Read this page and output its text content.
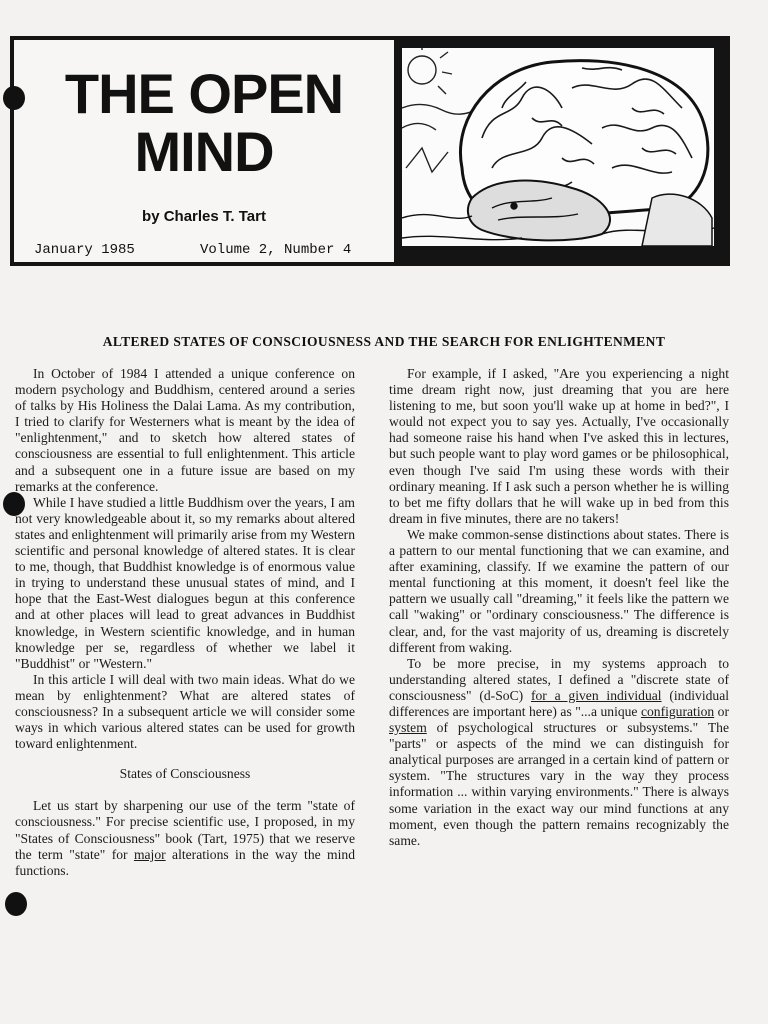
THE OPEN
MIND
by Charles T. Tart
January 1985	Volume 2, Number 4
ALTERED STATES OF CONSCIOUSNESS AND THE SEARCH FOR ENLIGHTENMENT

In October of 1984 I attended a unique conference on modern psychology and Buddhism, centered around a series of talks by His Holiness the Dalai Lama. As my contribution, I tried to clarify for Westerners what is meant by the idea of "enlightenment," and to sketch how altered states of consciousness are essential to full enlightenment. This article and a subsequent one in a future issue are based on my remarks at the conference.

While I have studied a little Buddhism over the years, I am not very knowledgeable about it, so my remarks about altered states and enlightenment will primarily arise from my Western scientific and personal knowledge of altered states. It is clear to me, though, that Buddhist knowledge is of enormous value in trying to understand these unusual states of mind, and I hope that the East-West dialogues begun at this conference and at other places will lead to great advances in Buddhist knowledge, in Western scientific knowledge, and in human knowledge per se, regardless of whether we label it "Buddhist" or "Western."

In this article I will deal with two main ideas. What do we mean by enlightenment? What are altered states of consciousness? In a subsequent article we will consider some ways in which various altered states can be used for growth toward enlightenment.

States of Consciousness

Let us start by sharpening our use of the term "state of consciousness." For precise scientific use, I proposed, in my "States of Consciousness" book (Tart, 1975) that we reserve the term "state" for major alterations in the way the mind functions.

For example, if I asked, "Are you experiencing a night time dream right now, just dreaming that you are here listening to me, but soon you'll wake up at home in bed?", I would not expect you to say yes. Actually, I've occasionally had someone raise his hand when I've asked this in lectures, but such people want to play word games or be philosophical, even though I've said I'm using these words with their ordinary meaning. If I ask such a person whether he is willing to bet me fifty dollars that he will wake up in bed from this dream in five minutes, there are no takers!

We make common-sense distinctions about states. There is a pattern to our mental functioning that we can examine, and after examining, classify. If we examine the pattern of our mental functioning at this moment, it doesn't feel like the pattern we usually call "dreaming," it feels like the pattern we call "waking" or "ordinary consciousness." The difference is clear, and, for the vast majority of us, dreaming is discretely different from waking.

To be more precise, in my systems approach to understanding altered states, I defined a "discrete state of consciousness" (d-SoC) for a given individual (individual differences are important here) as "...a unique configuration or system of psychological structures or subsystems." The "parts" or aspects of the mind we can distinguish for analytical purposes are arranged in a certain kind of pattern or system. "The structures vary in the way they process information ... within varying environments." There is always some variation in the exact way our mind functions at any moment, even though the pattern remains recognizably the same.
